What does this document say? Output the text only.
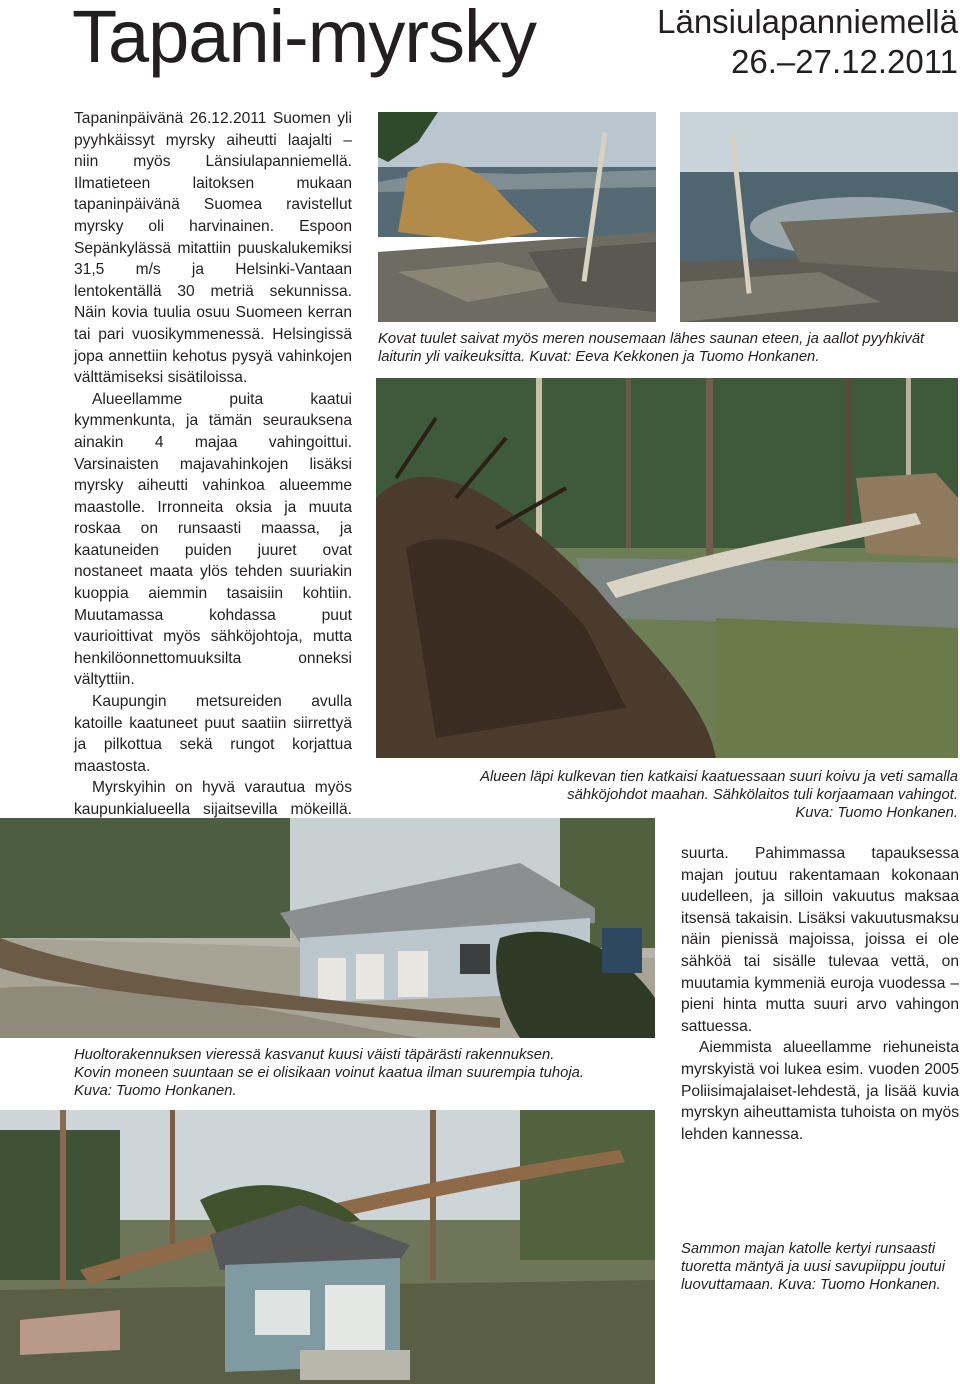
Tapani-myrsky	Länsiulapanniemellä
26.–27.12.2011

Tapaninpäivänä 26.12.2011 Suomen yli pyyhkäissyt myrsky aiheutti laajalti – niin myös Länsiulapanniemellä. Ilmatieteen laitoksen mukaan tapaninpäivänä Suomea ravistellut myrsky oli harvinainen. Espoon Sepänkylässä mitattiin puuskalukemiksi 31,5 m/s ja Helsinki-Vantaan lentokentällä 30 metriä sekunnissa. Näin kovia tuulia osuu Suomeen kerran tai pari vuosikymmenessä. Helsingissä jopa annettiin kehotus pysyä vahinkojen välttämiseksi sisätiloissa.

Alueellamme puita kaatui kymmenkunta, ja tämän seurauksena ainakin 4 majaa vahingoittui. Varsinaisten majavahinkojen lisäksi myrsky aiheutti vahinkoa alueemme maastolle. Irronneita oksia ja muuta roskaa on runsaasti maassa, ja kaatuneiden puiden juuret ovat nostaneet maata ylös tehden suuriakin kuoppia aiemmin tasaisiin kohtiin. Muutamassa kohdassa puut vaurioittivat myös sähköjohtoja, mutta henkilöonnettomuuksilta onneksi vältyttiin.

Kaupungin metsureiden avulla katoille kaatuneet puut saatiin siirrettyä ja pilkottua sekä rungot korjattua maastosta.

Myrskyihin on hyvä varautua myös kaupunkialueella sijaitsevilla mökeillä.

Kovat tuulet saivat myös meren nousemaan lähes saunan eteen, ja aallot pyyhkivät laiturin yli vaikeuksitta. Kuvat: Eeva Kekkonen ja Tuomo Honkanen.
Alueen läpi kulkevan tien katkaisi kaatuessaan suuri koivu ja veti samalla
sähköjohdot maahan. Sähkölaitos tuli korjaamaan vahingot.
Kuva: Tuomo Honkanen.
Huoltorakennuksen vieressä kasvanut kuusi väisti täpärästi rakennuksen.
Kovin moneen suuntaan se ei olisikaan voinut kaatua ilman suurempia tuhoja.
Kuva: Tuomo Honkanen.

suurta. Pahimmassa tapauksessa majan joutuu rakentamaan kokonaan uudelleen, ja silloin vakuutus maksaa itsensä takaisin. Lisäksi vakuutusmaksu näin pienissä majoissa, joissa ei ole sähköä tai sisälle tulevaa vettä, on muutamia kymmeniä euroja vuodessa – pieni hinta mutta suuri arvo vahingon sattuessa.

Aiemmista alueellamme riehuneista myrskyistä voi lukea esim. vuoden 2005 Poliisimajalaiset-lehdestä, ja lisää kuvia myrskyn aiheuttamista tuhoista on myös lehden kannessa.

Sammon majan katolle kertyi runsaasti tuoretta mäntyä ja uusi savupiippu joutui luovuttamaan. Kuva: Tuomo Honkanen.
